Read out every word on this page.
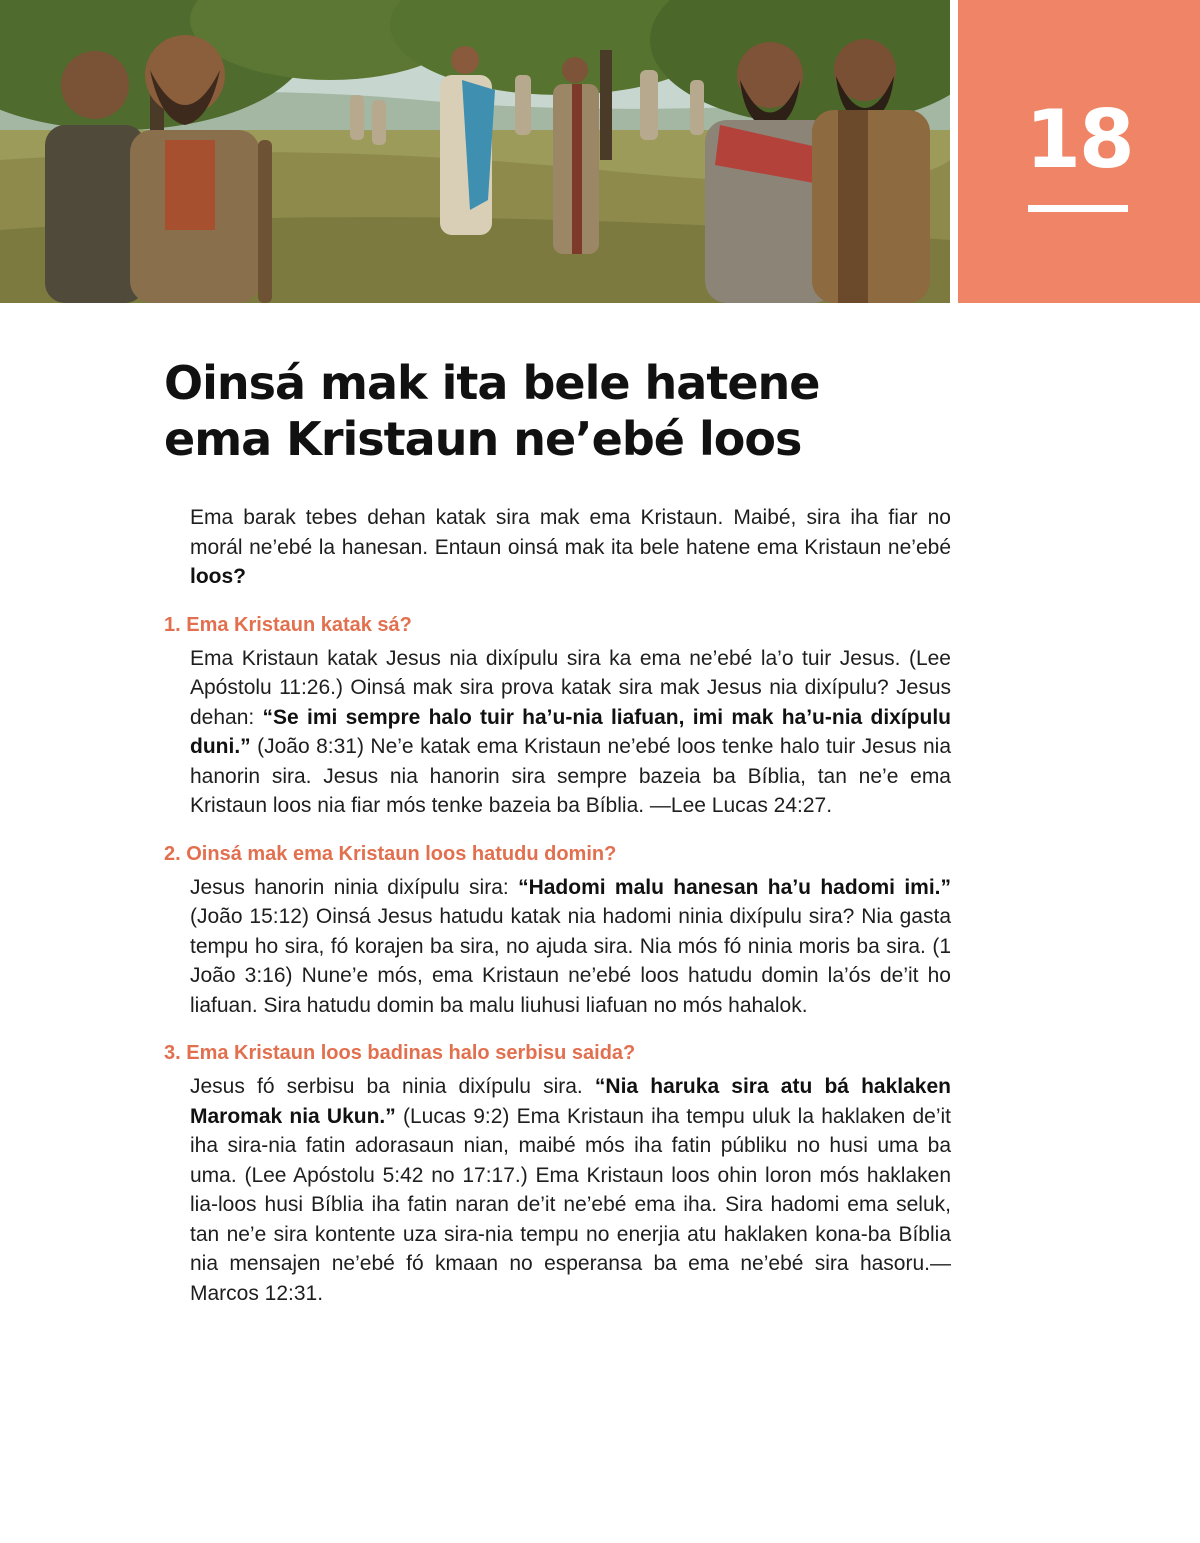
18
Oinsá mak ita bele hatene
ema Kristaun ne’ebé loos

Ema barak tebes dehan katak sira mak ema Kristaun. Maibé, sira iha fiar no morál ne’ebé la hanesan. Entaun oinsá mak ita bele hatene ema Kristaun ne’ebé loos?

1. Ema Kristaun katak sá?

Ema Kristaun katak Jesus nia dixípulu sira ka ema ne’ebé la’o tuir Jesus. (Lee Apóstolu 11:26.) Oinsá mak sira prova katak sira mak Jesus nia dixípulu? Jesus dehan: “Se imi sempre halo tuir ha’u-nia liafuan, imi mak ha’u-nia dixípulu duni.” (João 8:31) Ne’e katak ema Kristaun ne’ebé loos tenke halo tuir Jesus nia hanorin sira. Jesus nia hanorin sira sempre bazeia ba Bíblia, tan ne’e ema Kristaun loos nia fiar mós tenke bazeia ba Bíblia. —Lee Lucas 24:27.

2. Oinsá mak ema Kristaun loos hatudu domin?

Jesus hanorin ninia dixípulu sira: “Hadomi malu hanesan ha’u hadomi imi.” (João 15:12) Oinsá Jesus hatudu katak nia hadomi ninia dixípulu sira? Nia gasta tempu ho sira, fó korajen ba sira, no ajuda sira. Nia mós fó ninia moris ba sira. (1 João 3:16) Nune’e mós, ema Kristaun ne’ebé loos hatudu domin la’ós de’it ho liafuan. Sira hatudu domin ba malu liuhusi liafuan no mós hahalok.

3. Ema Kristaun loos badinas halo serbisu saida?

Jesus fó serbisu ba ninia dixípulu sira. “Nia haruka sira atu bá haklaken Maromak nia Ukun.” (Lucas 9:2) Ema Kristaun iha tempu uluk la haklaken de’it iha sira-nia fatin adorasaun nian, maibé mós iha fatin públiku no husi uma ba uma. (Lee Apóstolu 5:42 no 17:17.) Ema Kristaun loos ohin loron mós haklaken lia-loos husi Bíblia iha fatin naran de’it ne’ebé ema iha. Sira hadomi ema seluk, tan ne’e sira kontente uza sira-nia tempu no enerjia atu haklaken kona-ba Bíblia nia mensajen ne’ebé fó kmaan no esperansa ba ema ne’ebé sira hasoru.—Marcos 12:31.
